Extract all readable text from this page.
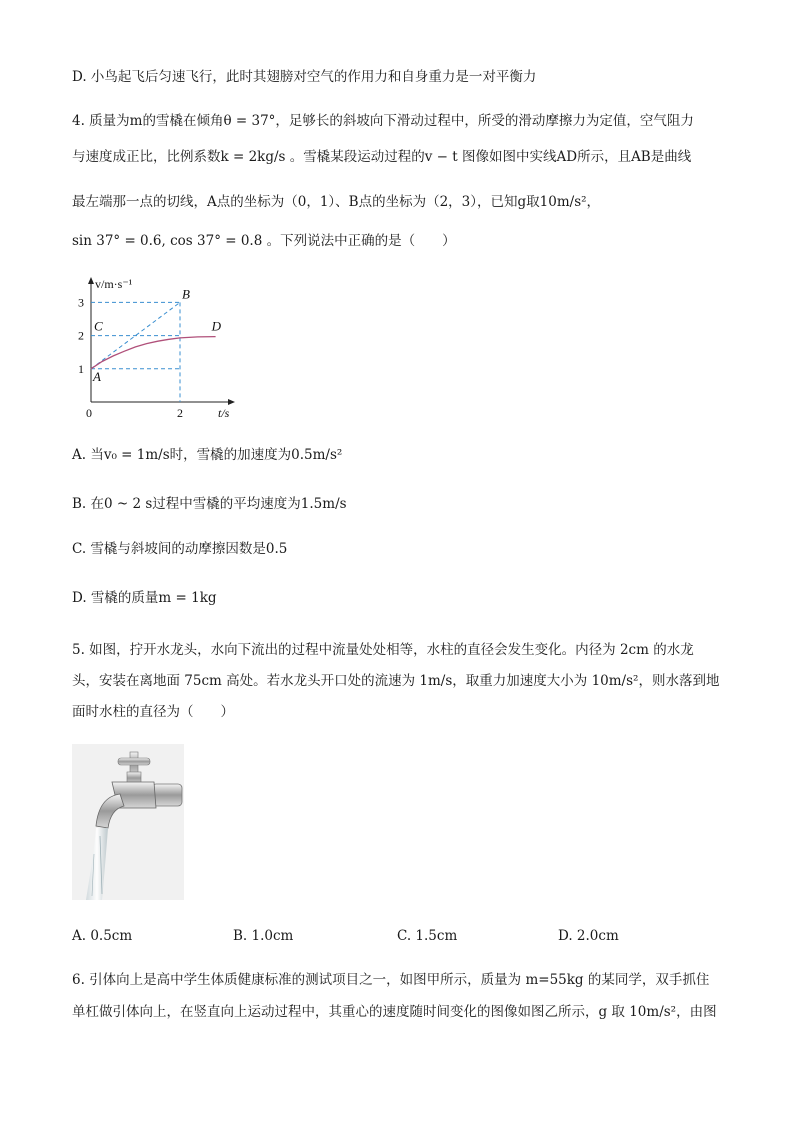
D. 小鸟起飞后匀速飞行，此时其翅膀对空气的作用力和自身重力是一对平衡力
4. 质量为m的雪橇在倾角θ = 37°，足够长的斜坡向下滑动过程中，所受的滑动摩擦力为定值，空气阻力
与速度成正比，比例系数k = 2kg/s 。雪橇某段运动过程的v − t 图像如图中实线AD所示，且AB是曲线
最左端那一点的切线，A点的坐标为（0，1）、B点的坐标为（2，3），已知g取10m/s²，
sin 37° = 0.6, cos 37° = 0.8 。下列说法中正确的是（　　）
1
2
3
0	2
v/m·s⁻¹
t/s
A
B
C	D
A. 当v₀ = 1m/s时，雪橇的加速度为0.5m/s²
B. 在0 ~ 2 s过程中雪橇的平均速度为1.5m/s
C. 雪橇与斜坡间的动摩擦因数是0.5
D. 雪橇的质量m = 1kg
5. 如图，拧开水龙头，水向下流出的过程中流量处处相等，水柱的直径会发生变化。内径为 2cm 的水龙
头，安装在离地面 75cm 高处。若水龙头开口处的流速为 1m/s，取重力加速度大小为 10m/s²，则水落到地
面时水柱的直径为（　　）
A. 0.5cm	B. 1.0cm	C. 1.5cm	D. 2.0cm
6. 引体向上是高中学生体质健康标准的测试项目之一，如图甲所示，质量为 m=55kg 的某同学，双手抓住
单杠做引体向上，在竖直向上运动过程中，其重心的速度随时间变化的图像如图乙所示，g 取 10m/s²，由图
